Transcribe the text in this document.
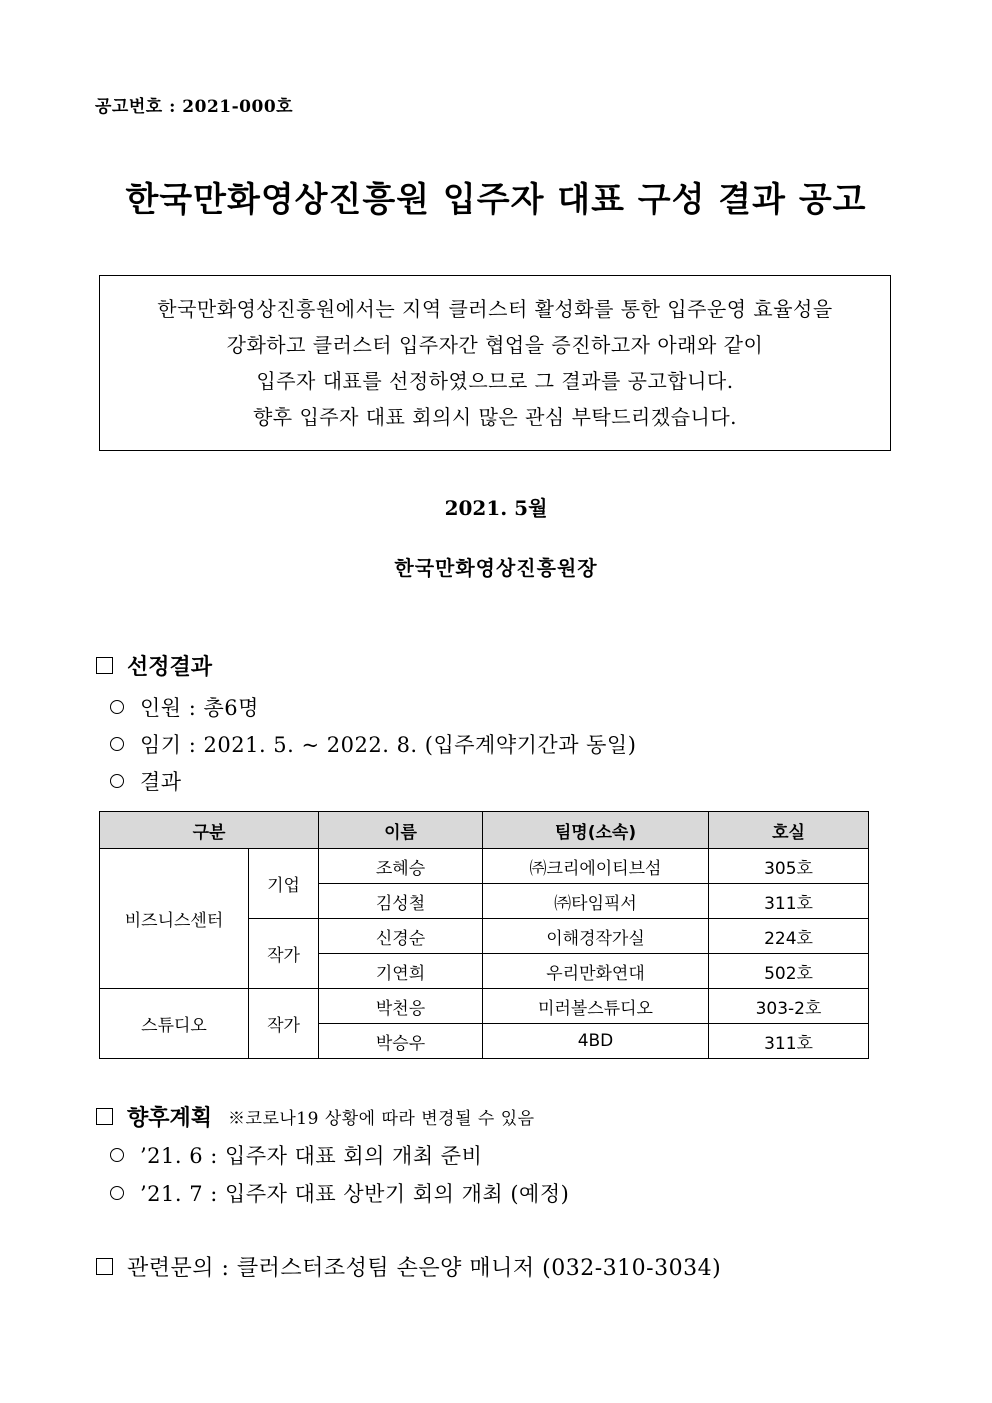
공고번호 : 2021-000호
한국만화영상진흥원 입주자 대표 구성 결과 공고
한국만화영상진흥원에서는 지역 클러스터 활성화를 통한 입주운영 효율성을
강화하고 클러스터 입주자간 협업을 증진하고자 아래와 같이
입주자 대표를 선정하였으므로 그 결과를 공고합니다.
향후 입주자 대표 회의시 많은 관심 부탁드리겠습니다.
2021. 5월
한국만화영상진흥원장
선정결과
인원 : 총6명
임기 : 2021. 5. ~ 2022. 8. (입주계약기간과 동일)
결과
구분		이름	팀명(소속)	호실
비즈니스센터	기업	조혜승	㈜크리에이티브섬	305호
		김성철	㈜타임픽서	311호
	작가	신경순	이해경작가실	224호
		기연희	우리만화연대	502호
스튜디오	작가	박천응	미러볼스튜디오	303-2호
		박승우	4BD	311호
향후계획 ※코로나19 상황에 따라 변경될 수 있음
’21. 6 : 입주자 대표 회의 개최 준비
’21. 7 : 입주자 대표 상반기 회의 개최 (예정)
관련문의 : 클러스터조성팀 손은양 매니저 (032-310-3034)
